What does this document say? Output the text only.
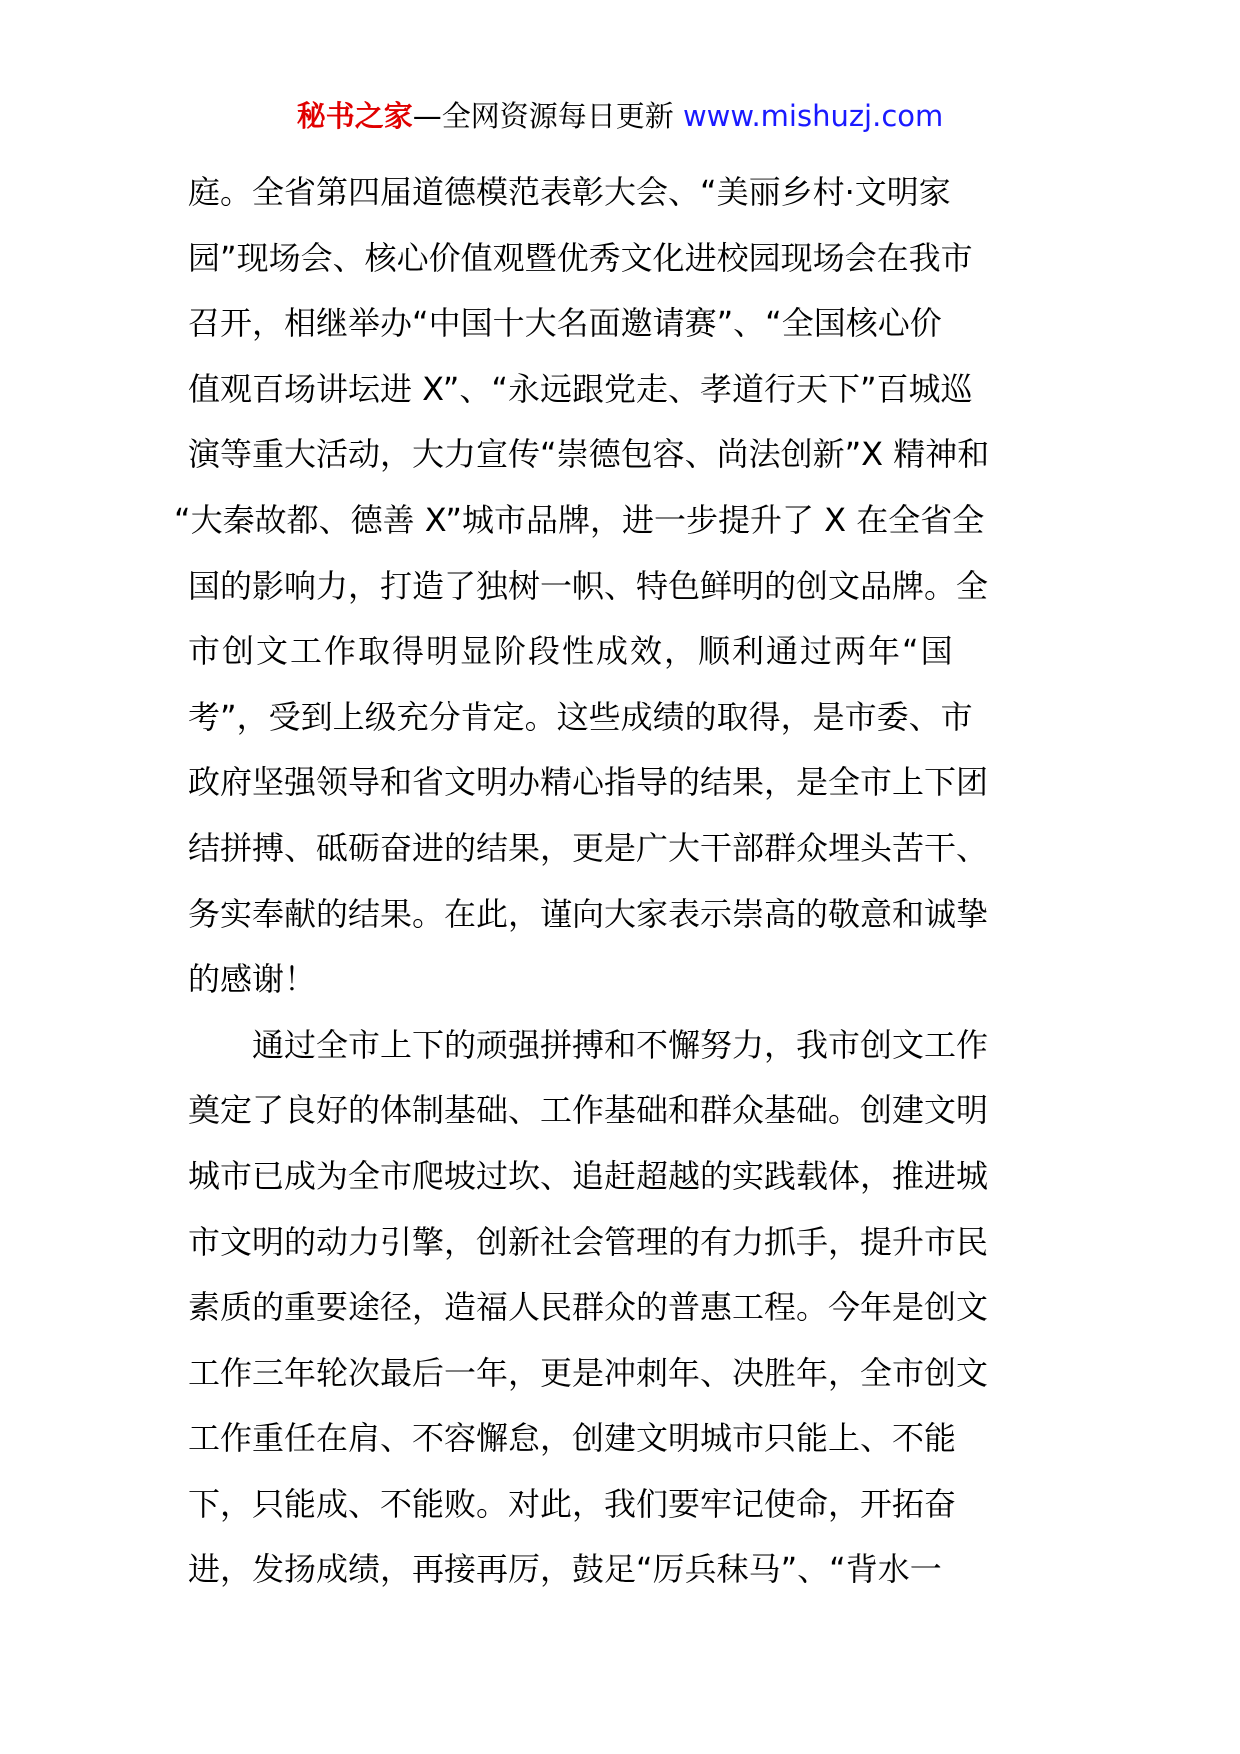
秘书之家—全网资源每日更新 www.mishuzj.com
庭。全省第四届道德模范表彰大会、“美丽乡村·文明家
园”现场会、核心价值观暨优秀文化进校园现场会在我市
召开，相继举办“中国十大名面邀请赛”、“全国核心价
值观百场讲坛进 X”、“永远跟党走、孝道行天下”百城巡
演等重大活动，大力宣传“崇德包容、尚法创新”X 精神和
“大秦故都、德善 X”城市品牌，进一步提升了 X 在全省全
国的影响力，打造了独树一帜、特色鲜明的创文品牌。全
市创文工作取得明显阶段性成效，顺利通过两年“国
考”，受到上级充分肯定。这些成绩的取得，是市委、市
政府坚强领导和省文明办精心指导的结果，是全市上下团
结拼搏、砥砺奋进的结果，更是广大干部群众埋头苦干、
务实奉献的结果。在此，谨向大家表示崇高的敬意和诚挚
的感谢！
通过全市上下的顽强拼搏和不懈努力，我市创文工作
奠定了良好的体制基础、工作基础和群众基础。创建文明
城市已成为全市爬坡过坎、追赶超越的实践载体，推进城
市文明的动力引擎，创新社会管理的有力抓手，提升市民
素质的重要途径，造福人民群众的普惠工程。今年是创文
工作三年轮次最后一年，更是冲刺年、决胜年，全市创文
工作重任在肩、不容懈怠，创建文明城市只能上、不能
下，只能成、不能败。对此，我们要牢记使命，开拓奋
进，发扬成绩，再接再厉，鼓足“厉兵秣马”、“背水一
